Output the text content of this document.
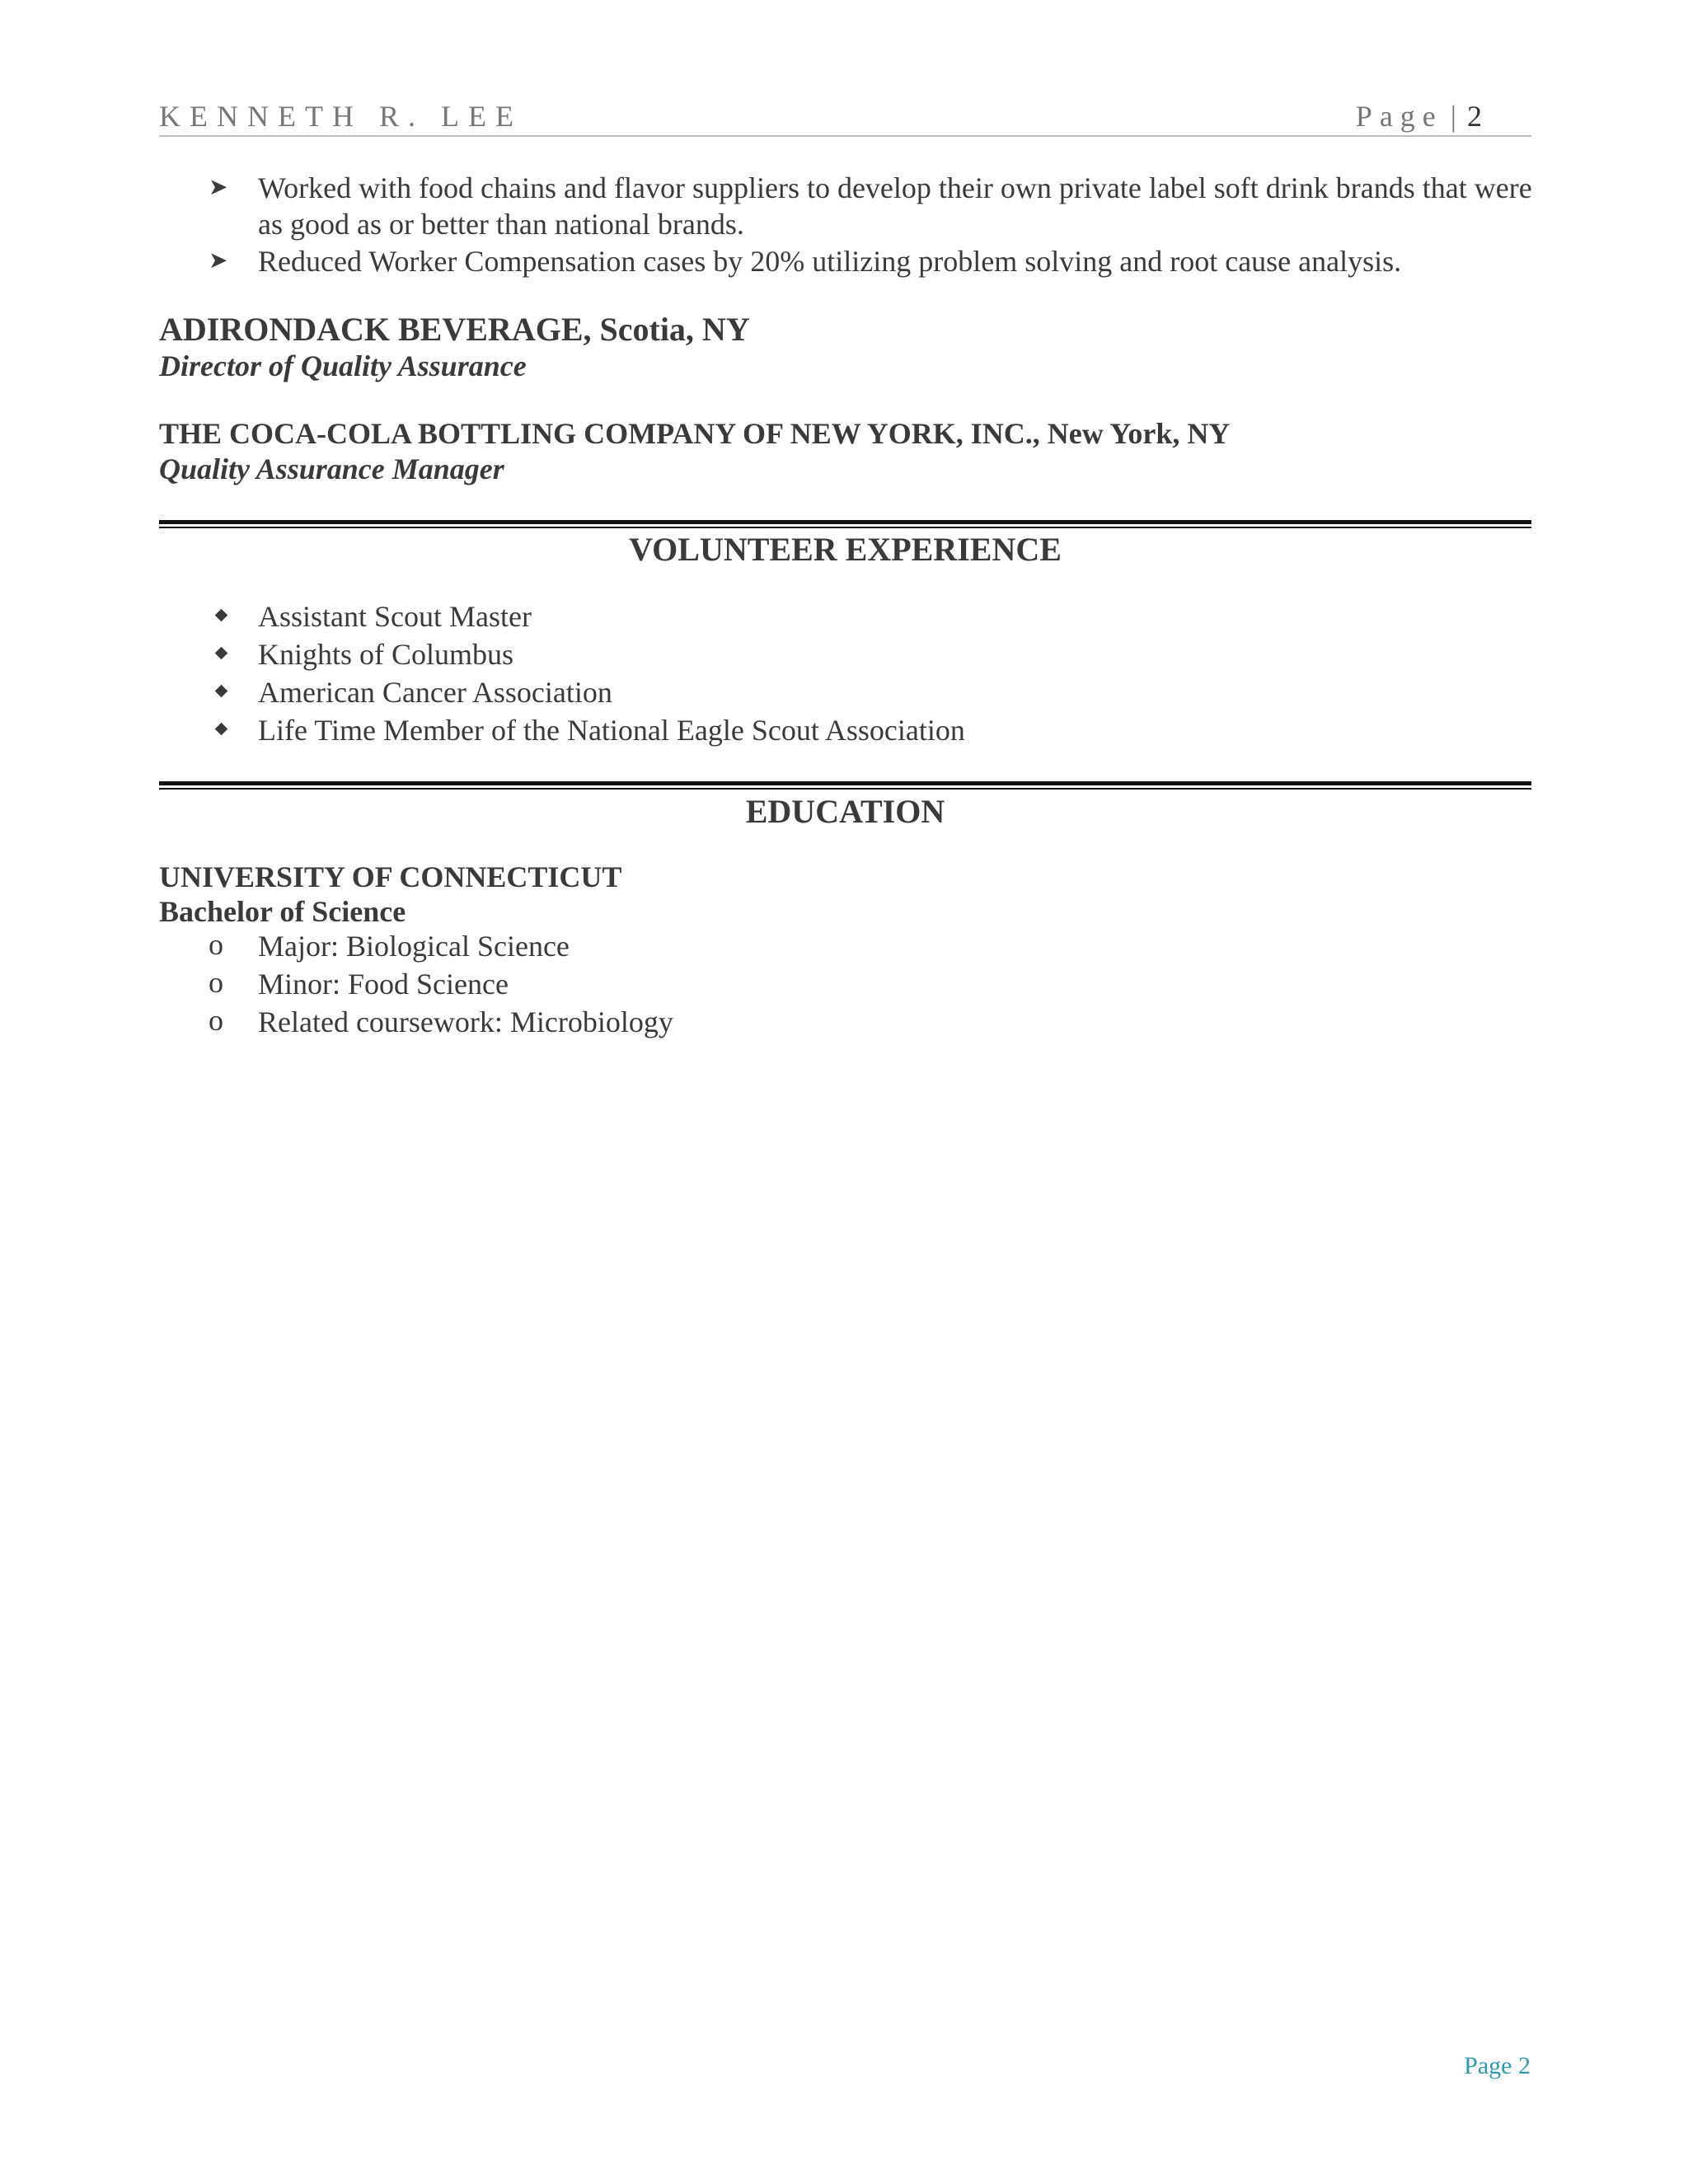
KENNETH R. LEE	Page | 2
➤	Worked with food chains and flavor suppliers to develop their own private label soft drink brands that were as good as or better than national brands.
➤	Reduced Worker Compensation cases by 20% utilizing problem solving and root cause analysis.
ADIRONDACK BEVERAGE, Scotia, NY
Director of Quality Assurance
THE COCA-COLA BOTTLING COMPANY OF NEW YORK, INC., New York, NY
Quality Assurance Manager
VOLUNTEER EXPERIENCE
Assistant Scout Master
Knights of Columbus
American Cancer Association
Life Time Member of the National Eagle Scout Association
EDUCATION
UNIVERSITY OF CONNECTICUT
Bachelor of Science
o Major: Biological Science
o Minor: Food Science
o Related coursework: Microbiology
Page 2
